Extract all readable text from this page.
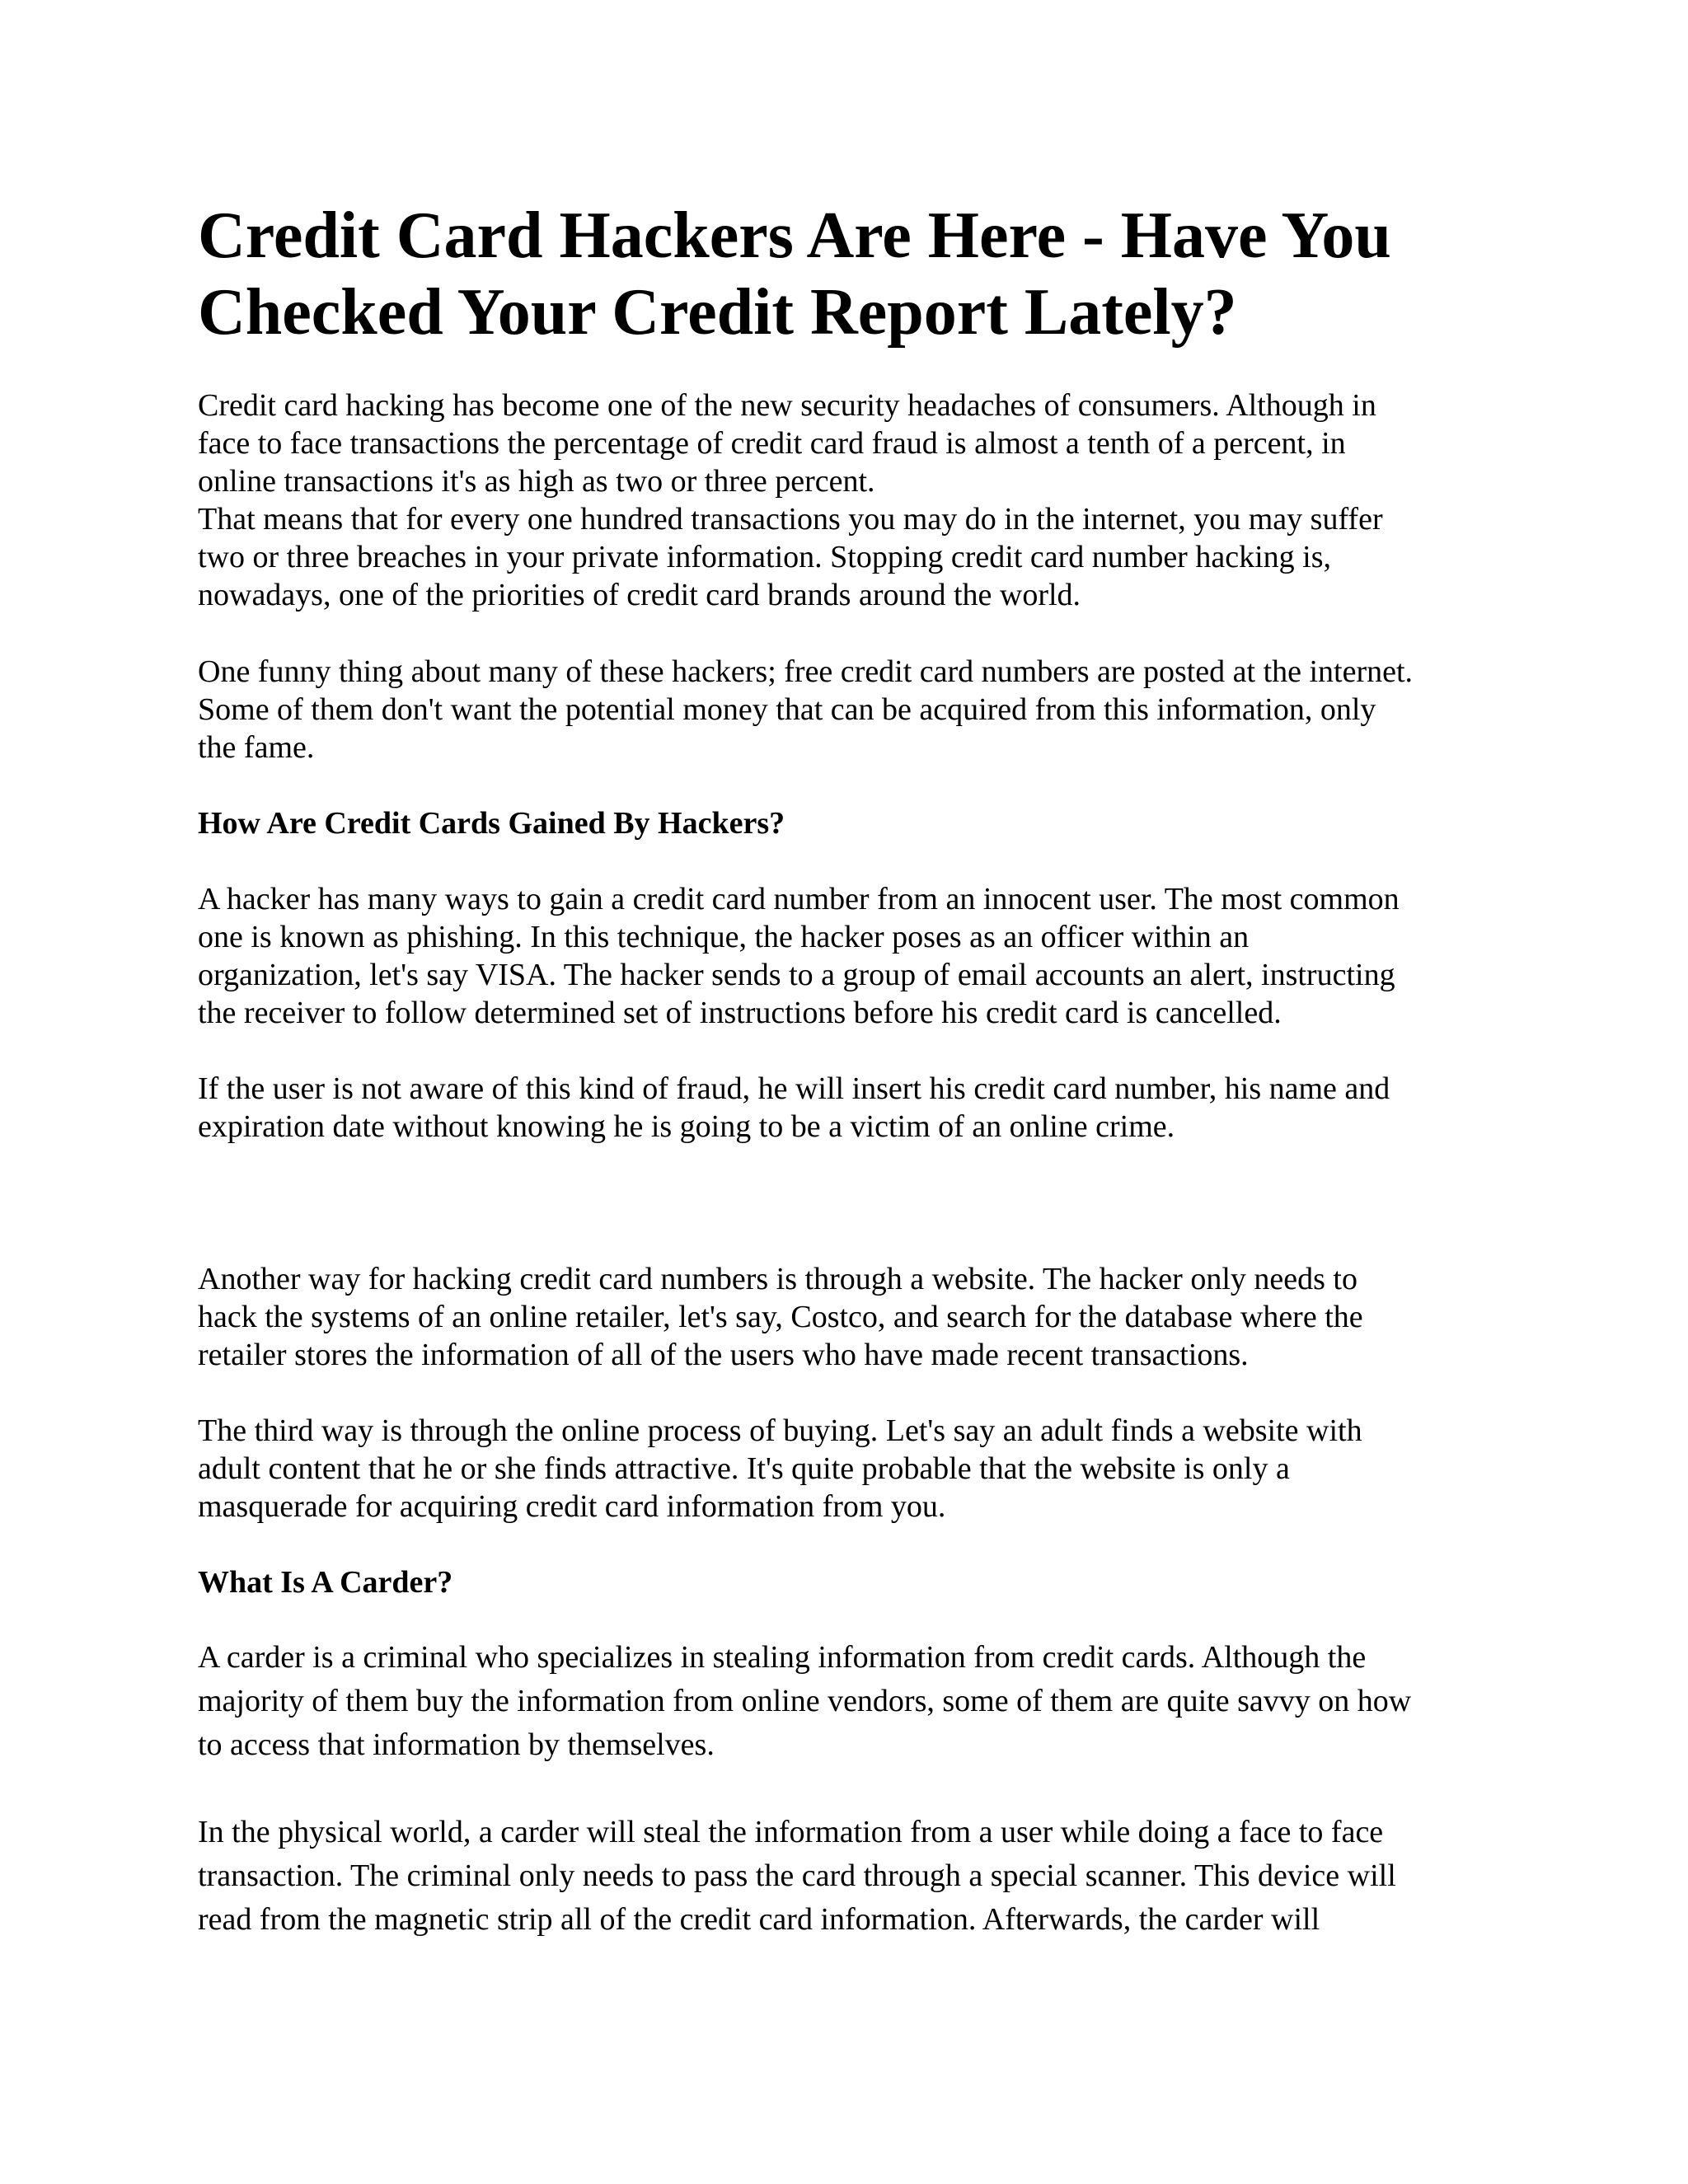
Credit Card Hackers Are Here - Have You
Checked Your Credit Report Lately?

Credit card hacking has become one of the new security headaches of consumers. Although in
face to face transactions the percentage of credit card fraud is almost a tenth of a percent, in
online transactions it's as high as two or three percent.
That means that for every one hundred transactions you may do in the internet, you may suffer
two or three breaches in your private information. Stopping credit card number hacking is,
nowadays, one of the priorities of credit card brands around the world.

One funny thing about many of these hackers; free credit card numbers are posted at the internet.
Some of them don't want the potential money that can be acquired from this information, only
the fame.

How Are Credit Cards Gained By Hackers?

A hacker has many ways to gain a credit card number from an innocent user. The most common
one is known as phishing. In this technique, the hacker poses as an officer within an
organization, let's say VISA. The hacker sends to a group of email accounts an alert, instructing
the receiver to follow determined set of instructions before his credit card is cancelled.

If the user is not aware of this kind of fraud, he will insert his credit card number, his name and
expiration date without knowing he is going to be a victim of an online crime.

Another way for hacking credit card numbers is through a website. The hacker only needs to
hack the systems of an online retailer, let's say, Costco, and search for the database where the
retailer stores the information of all of the users who have made recent transactions.

The third way is through the online process of buying. Let's say an adult finds a website with
adult content that he or she finds attractive. It's quite probable that the website is only a
masquerade for acquiring credit card information from you.

What Is A Carder?

A carder is a criminal who specializes in stealing information from credit cards. Although the
majority of them buy the information from online vendors, some of them are quite savvy on how
to access that information by themselves.

In the physical world, a carder will steal the information from a user while doing a face to face
transaction. The criminal only needs to pass the card through a special scanner. This device will
read from the magnetic strip all of the credit card information. Afterwards, the carder will
